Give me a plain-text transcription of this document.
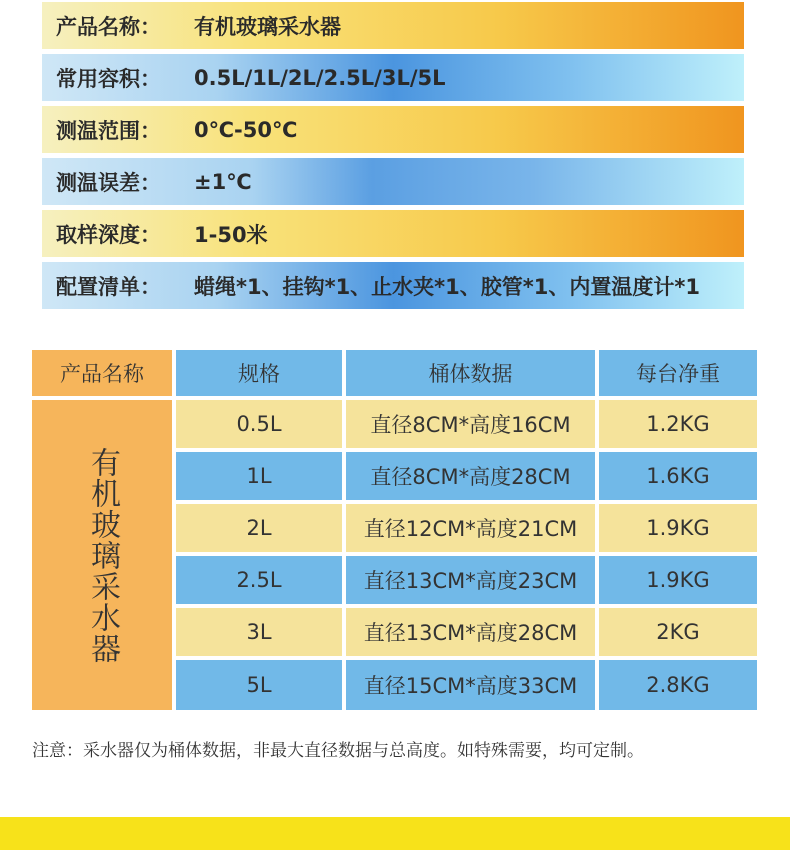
产品名称：	有机玻璃采水器
常用容积：	0.5L/1L/2L/2.5L/3L/5L
测温范围：	0℃-50℃
测温误差：	±1℃
取样深度：	1-50米
配置清单：	蜡绳*1、挂钩*1、止水夹*1、胶管*1、内置温度计*1
产品名称	规格	桶体数据	每台净重
有机玻璃采水器
0.5L	直径8CM*高度16CM	1.2KG
1L	直径8CM*高度28CM	1.6KG
2L	直径12CM*高度21CM	1.9KG
2.5L	直径13CM*高度23CM	1.9KG
3L	直径13CM*高度28CM	2KG
5L	直径15CM*高度33CM	2.8KG
注意：采水器仅为桶体数据，非最大直径数据与总高度。如特殊需要，均可定制。
